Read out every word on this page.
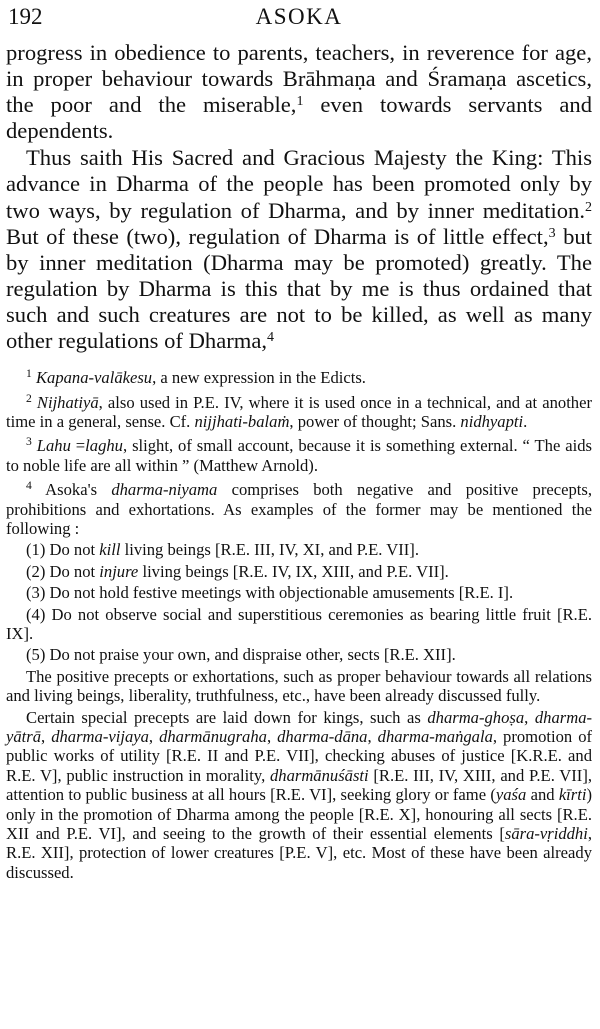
192	ASOKA

progress in obedience to parents, teachers, in reverence for age, in proper behaviour towards Brāhmaṇa and Śramaṇa ascetics, the poor and the miserable,$^1$ even towards servants and dependents.

Thus saith His Sacred and Gracious Majesty the King: This advance in Dharma of the people has been promoted only by two ways, by regulation of Dharma, and by inner meditation.$^2$ But of these (two), regulation of Dharma is of little effect,$^3$ but by inner meditation (Dharma may be promoted) greatly. The regulation by Dharma is this that by me is thus ordained that such and such creatures are not to be killed, as well as many other regulations of Dharma,$^4$

$^1$ Kapana-valākesu, a new expression in the Edicts.

$^2$ Nijhatiyā, also used in P.E. IV, where it is used once in a technical, and at another time in a general, sense. Cf. nijjhati-balaṁ, power of thought; Sans. nidhyapti.

$^3$ Lahu =laghu, slight, of small account, because it is something external. “ The aids to noble life are all within ” (Matthew Arnold).

$^4$ Asoka's dharma-niyama comprises both negative and positive precepts, prohibitions and exhortations. As examples of the former may be mentioned the following :

(1) Do not kill living beings [R.E. III, IV, XI, and P.E. VII].

(2) Do not injure living beings [R.E. IV, IX, XIII, and P.E. VII].

(3) Do not hold festive meetings with objectionable amusements [R.E. I].

(4) Do not observe social and superstitious ceremonies as bearing little fruit [R.E. IX].

(5) Do not praise your own, and dispraise other, sects [R.E. XII].

The positive precepts or exhortations, such as proper behaviour towards all relations and living beings, liberality, truthfulness, etc., have been already discussed fully.

Certain special precepts are laid down for kings, such as dharma-ghoṣa, dharma-yātrā, dharma-vijaya, dharmānugraha, dharma-dāna, dharma-maṅgala, promotion of public works of utility [R.E. II and P.E. VII], checking abuses of justice [K.R.E. and R.E. V], public instruction in morality, dharmānuśāsti [R.E. III, IV, XIII, and P.E. VII], attention to public business at all hours [R.E. VI], seeking glory or fame (yaśa and kīrti) only in the promotion of Dharma among the people [R.E. X], honouring all sects [R.E. XII and P.E. VI], and seeing to the growth of their essential elements [sāra-vṛiddhi, R.E. XII], protection of lower creatures [P.E. V], etc. Most of these have been already discussed.
